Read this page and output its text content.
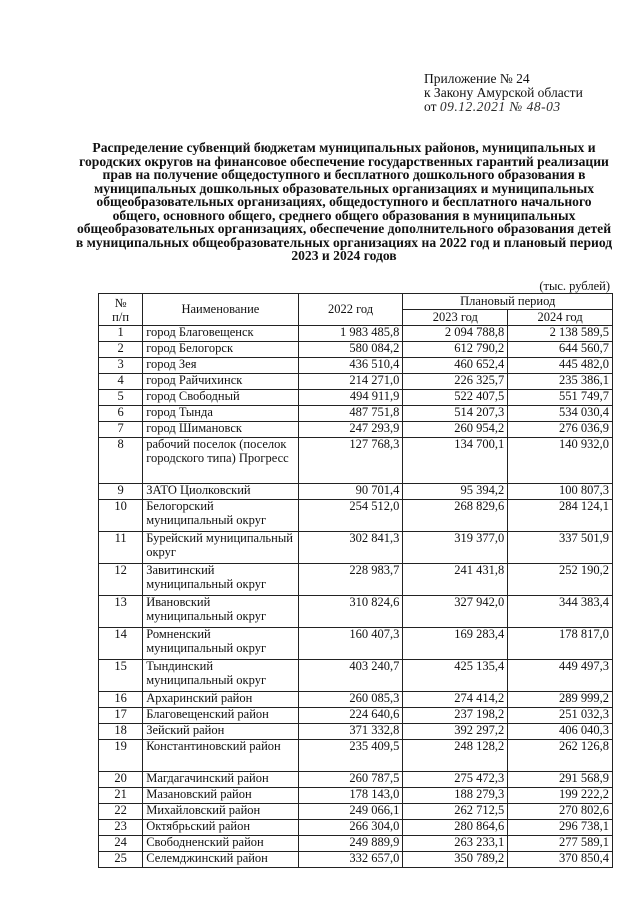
Приложение № 24
к Закону Амурской области
от 09.12.2021 № 48-03
Распределение субвенций бюджетам муниципальных районов, муниципальных и городских округов на финансовое обеспечение государственных гарантий реализации прав на получение общедоступного и бесплатного дошкольного образования в муниципальных дошкольных образовательных организациях и муниципальных общеобразовательных организациях, общедоступного и бесплатного начального общего, основного общего, среднего общего образования в муниципальных общеобразовательных организациях, обеспечение дополнительного образования детей в муниципальных общеобразовательных организациях на 2022 год и плановый период 2023 и 2024 годов
(тыс. рублей)
№
п/п	Наименование	2022 год	Плановый период	
			2023 год	2024 год
1	город Благовещенск	1 983 485,8	2 094 788,8	2 138 589,5
2	город Белогорск	580 084,2	612 790,2	644 560,7
3	город Зея	436 510,4	460 652,4	445 482,0
4	город Райчихинск	214 271,0	226 325,7	235 386,1
5	город Свободный	494 911,9	522 407,5	551 749,7
6	город Тында	487 751,8	514 207,3	534 030,4
7	город Шимановск	247 293,9	260 954,2	276 036,9
8	рабочий поселок (поселок городского типа) Прогресс	127 768,3	134 700,1	140 932,0
9	ЗАТО Циолковский	90 701,4	95 394,2	100 807,3
10	Белогорский муниципальный округ	254 512,0	268 829,6	284 124,1
11	Бурейский муниципальный округ	302 841,3	319 377,0	337 501,9
12	Завитинский муниципальный округ	228 983,7	241 431,8	252 190,2
13	Ивановский муниципальный округ	310 824,6	327 942,0	344 383,4
14	Ромненский муниципальный округ	160 407,3	169 283,4	178 817,0
15	Тындинский муниципальный округ	403 240,7	425 135,4	449 497,3
16	Архаринский район	260 085,3	274 414,2	289 999,2
17	Благовещенский район	224 640,6	237 198,2	251 032,3
18	Зейский район	371 332,8	392 297,2	406 040,3
19	Константиновский район	235 409,5	248 128,2	262 126,8
20	Магдагачинский район	260 787,5	275 472,3	291 568,9
21	Мазановский район	178 143,0	188 279,3	199 222,2
22	Михайловский район	249 066,1	262 712,5	270 802,6
23	Октябрьский район	266 304,0	280 864,6	296 738,1
24	Свободненский район	249 889,9	263 233,1	277 589,1
25	Селемджинский район	332 657,0	350 789,2	370 850,4
